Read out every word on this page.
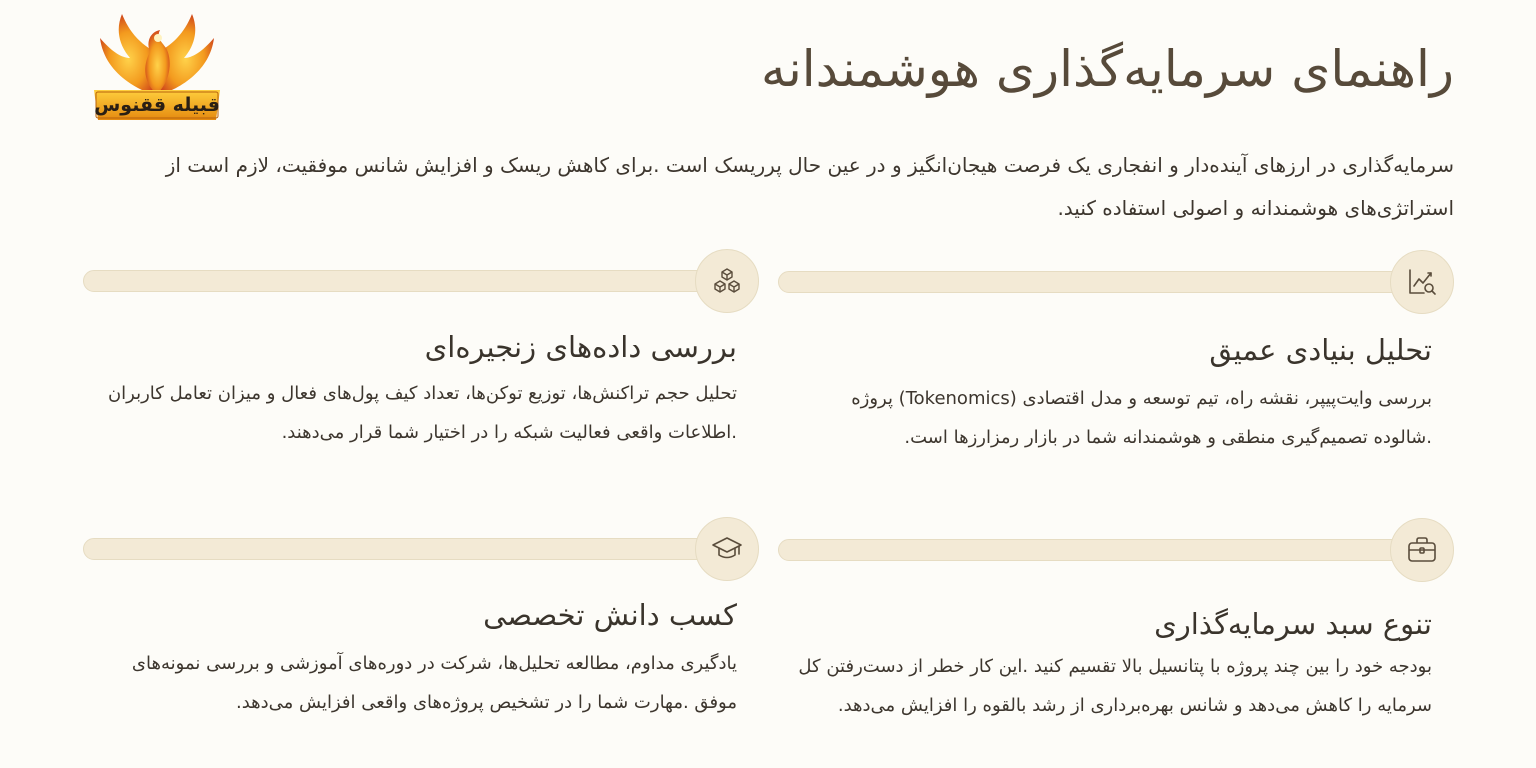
قبیله ققنوس
راهنمای سرمایه‌گذاری هوشمندانه

سرمایه‌گذاری در ارزهای آینده‌دار و انفجاری یک فرصت هیجان‌انگیز و در عین حال پرریسک است .برای کاهش ریسک و افزایش شانس موفقیت، لازم است از استراتژی‌های هوشمندانه و اصولی استفاده کنید.

تحلیل بنیادی عمیق

بررسی وایت‌پیپر، نقشه راه، تیم توسعه و مدل اقتصادی (Tokenomics) پروژه .شالوده تصمیم‌گیری منطقی و هوشمندانه شما در بازار رمزارزها است.

بررسی داده‌های زنجیره‌ای

تحلیل حجم تراکنش‌ها، توزیع توکن‌ها، تعداد کیف پول‌های فعال و میزان تعامل کاربران .اطلاعات واقعی فعالیت شبکه را در اختیار شما قرار می‌دهند.

تنوع سبد سرمایه‌گذاری

بودجه خود را بین چند پروژه با پتانسیل بالا تقسیم کنید .این کار خطر از دست‌رفتن کل سرمایه را کاهش می‌دهد و شانس بهره‌برداری از رشد بالقوه را افزایش می‌دهد.

کسب دانش تخصصی

یادگیری مداوم، مطالعه تحلیل‌ها، شرکت در دوره‌های آموزشی و بررسی نمونه‌های موفق .مهارت شما را در تشخیص پروژه‌های واقعی افزایش می‌دهد.
